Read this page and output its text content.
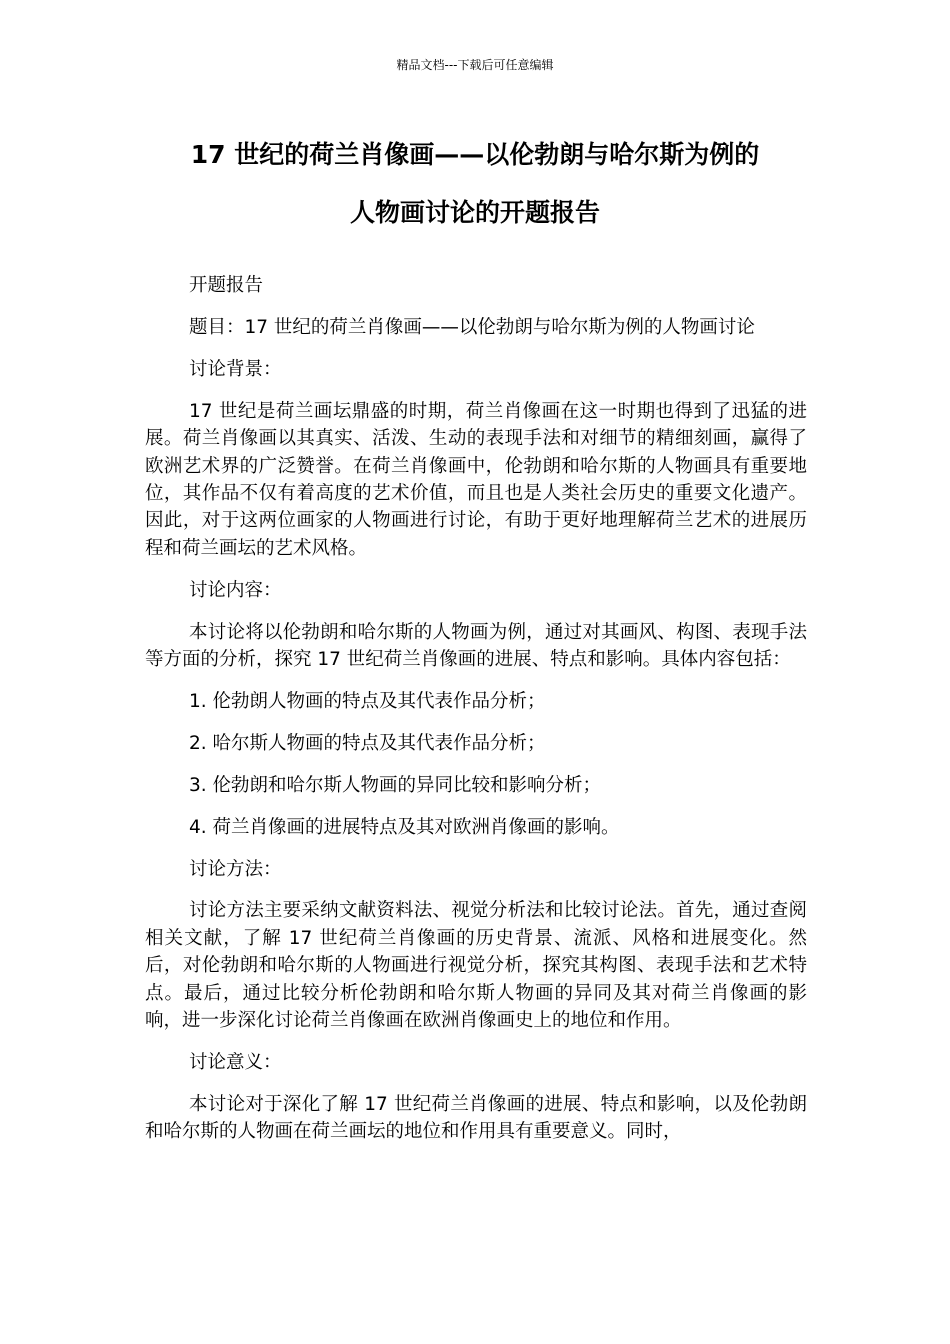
精品文档---下载后可任意编辑
17 世纪的荷兰肖像画——以伦勃朗与哈尔斯为例的
人物画讨论的开题报告

开题报告

题目：17 世纪的荷兰肖像画——以伦勃朗与哈尔斯为例的人物画讨论

讨论背景：

17 世纪是荷兰画坛鼎盛的时期，荷兰肖像画在这一时期也得到了迅猛的进展。荷兰肖像画以其真实、活泼、生动的表现手法和对细节的精细刻画，赢得了欧洲艺术界的广泛赞誉。在荷兰肖像画中，伦勃朗和哈尔斯的人物画具有重要地位，其作品不仅有着高度的艺术价值，而且也是人类社会历史的重要文化遗产。因此，对于这两位画家的人物画进行讨论，有助于更好地理解荷兰艺术的进展历程和荷兰画坛的艺术风格。

讨论内容：

本讨论将以伦勃朗和哈尔斯的人物画为例，通过对其画风、构图、表现手法等方面的分析，探究 17 世纪荷兰肖像画的进展、特点和影响。具体内容包括：

1. 伦勃朗人物画的特点及其代表作品分析；

2. 哈尔斯人物画的特点及其代表作品分析；

3. 伦勃朗和哈尔斯人物画的异同比较和影响分析；

4. 荷兰肖像画的进展特点及其对欧洲肖像画的影响。

讨论方法：

讨论方法主要采纳文献资料法、视觉分析法和比较讨论法。首先，通过查阅相关文献，了解 17 世纪荷兰肖像画的历史背景、流派、风格和进展变化。然后，对伦勃朗和哈尔斯的人物画进行视觉分析，探究其构图、表现手法和艺术特点。最后，通过比较分析伦勃朗和哈尔斯人物画的异同及其对荷兰肖像画的影响，进一步深化讨论荷兰肖像画在欧洲肖像画史上的地位和作用。

讨论意义：

本讨论对于深化了解 17 世纪荷兰肖像画的进展、特点和影响，以及伦勃朗和哈尔斯的人物画在荷兰画坛的地位和作用具有重要意义。同时，
